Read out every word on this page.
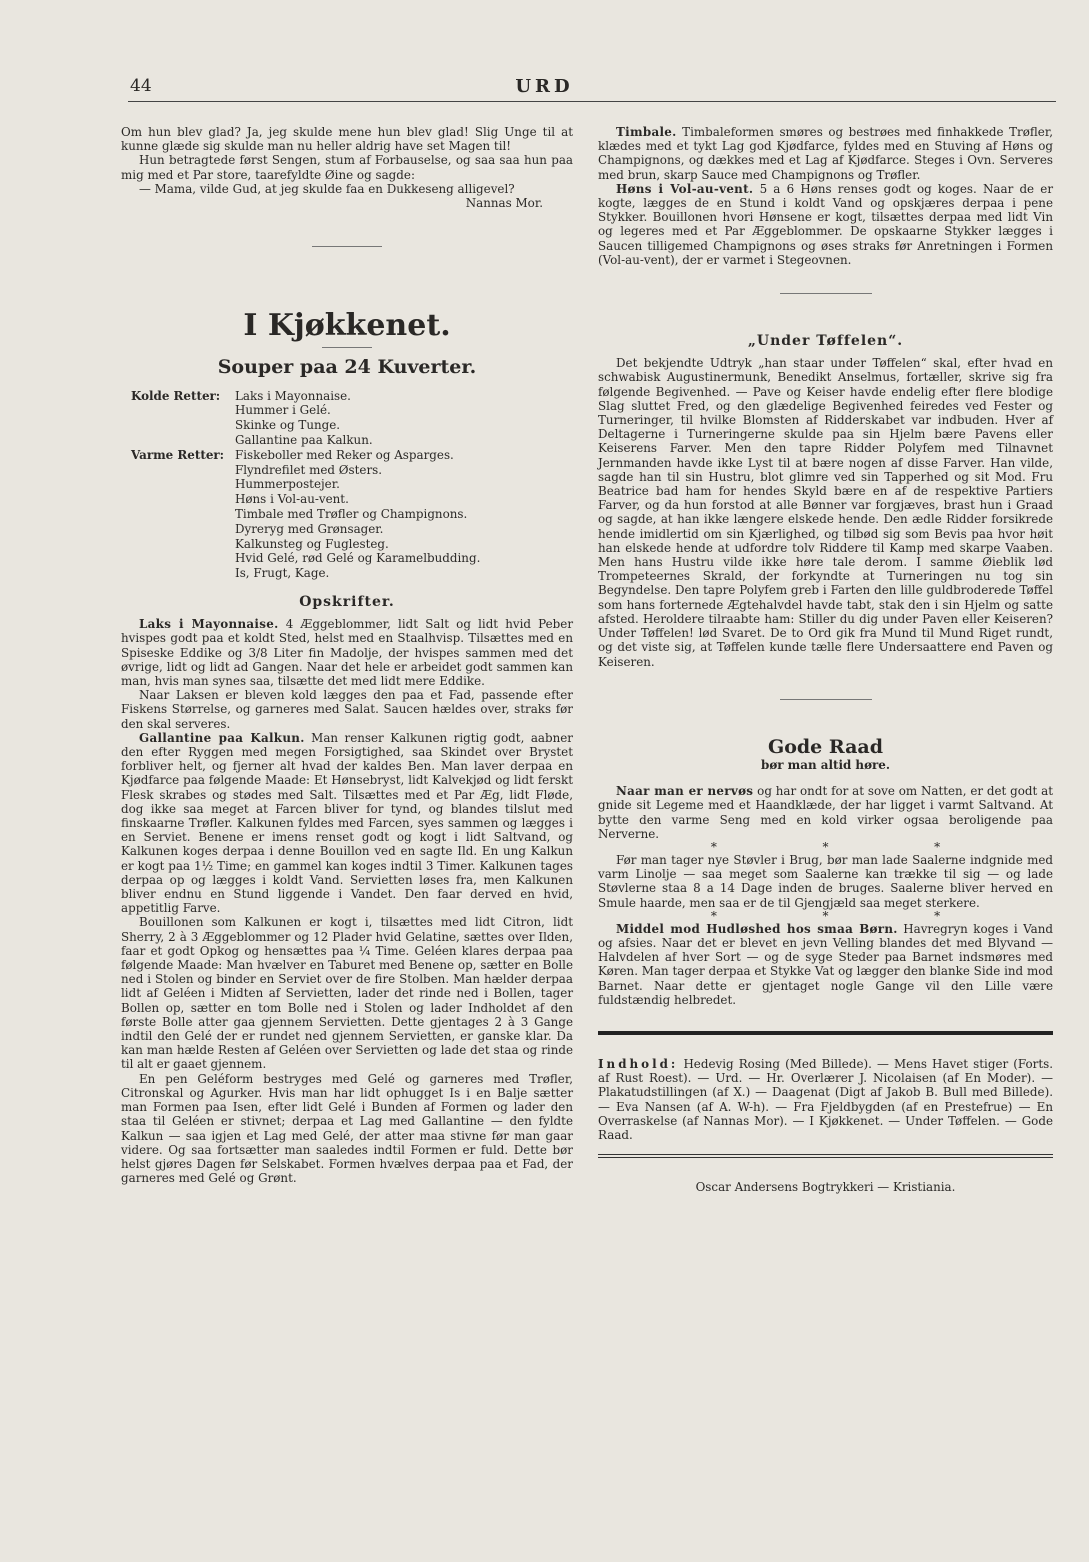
44	URD

Om hun blev glad? Ja, jeg skulde mene hun blev glad! Slig Unge til at kunne glæde sig skulde man nu heller aldrig have set Magen til!

Hun betragtede først Sengen, stum af Forbauselse, og saa saa hun paa mig med et Par store, taarefyldte Øine og sagde:

— Mama, vilde Gud, at jeg skulde faa en Dukkeseng alligevel?

Nannas Mor.

I Kjøkkenet.
Souper paa 24 Kuverter.
Kolde Retter:	Laks i Mayonnaise.
Hummer i Gelé.
Skinke og Tunge.
Gallantine paa Kalkun.
Varme Retter: Fiskeboller med Reker og Asparges.
Flyndrefilet med Østers.
Hummerpostejer.
Høns i Vol-au-vent.
Timbale med Trøfler og Champignons.
Dyreryg med Grønsager.
Kalkunsteg og Fuglesteg.
Hvid Gelé, rød Gelé og Karamelbudding.
Is, Frugt, Kage.
Opskrifter.

Laks i Mayonnaise. 4 Æggeblommer, lidt Salt og lidt hvid Peber hvispes godt paa et koldt Sted, helst med en Staalhvisp. Tilsættes med en Spiseske Eddike og 3/8 Liter fin Madolje, der hvispes sammen med det øvrige, lidt og lidt ad Gangen. Naar det hele er arbeidet godt sammen kan man, hvis man synes saa, tilsætte det med lidt mere Eddike.

Naar Laksen er bleven kold lægges den paa et Fad, passende efter Fiskens Størrelse, og garneres med Salat. Saucen hældes over, straks før den skal serveres.

Gallantine paa Kalkun. Man renser Kalkunen rigtig godt, aabner den efter Ryggen med megen Forsigtighed, saa Skindet over Brystet forbliver helt, og fjerner alt hvad der kaldes Ben. Man laver derpaa en Kjødfarce paa følgende Maade: Et Hønsebryst, lidt Kalvekjød og lidt ferskt Flesk skrabes og stødes med Salt. Tilsættes med et Par Æg, lidt Fløde, dog ikke saa meget at Farcen bliver for tynd, og blandes tilslut med finskaarne Trøfler. Kalkunen fyldes med Farcen, syes sammen og lægges i en Serviet. Benene er imens renset godt og kogt i lidt Saltvand, og Kalkunen koges derpaa i denne Bouillon ved en sagte Ild. En ung Kalkun er kogt paa 1½ Time; en gammel kan koges indtil 3 Timer. Kalkunen tages derpaa op og lægges i koldt Vand. Servietten løses fra, men Kalkunen bliver endnu en Stund liggende i Vandet. Den faar derved en hvid, appetitlig Farve.

Bouillonen som Kalkunen er kogt i, tilsættes med lidt Citron, lidt Sherry, 2 à 3 Æggeblommer og 12 Plader hvid Gelatine, sættes over Ilden, faar et godt Opkog og hensættes paa ¼ Time. Geléen klares derpaa paa følgende Maade: Man hvælver en Taburet med Benene op, sætter en Bolle ned i Stolen og binder en Serviet over de fire Stolben. Man hælder derpaa lidt af Geléen i Midten af Servietten, lader det rinde ned i Bollen, tager Bollen op, sætter en tom Bolle ned i Stolen og lader Indholdet af den første Bolle atter gaa gjennem Servietten. Dette gjentages 2 à 3 Gange indtil den Gelé der er rundet ned gjennem Servietten, er ganske klar. Da kan man hælde Resten af Geléen over Servietten og lade det staa og rinde til alt er gaaet gjennem.

En pen Geléform bestryges med Gelé og garneres med Trøfler, Citronskal og Agurker. Hvis man har lidt ophugget Is i en Balje sætter man Formen paa Isen, efter lidt Gelé i Bunden af Formen og lader den staa til Geléen er stivnet; derpaa et Lag med Gallantine — den fyldte Kalkun — saa igjen et Lag med Gelé, der atter maa stivne før man gaar videre. Og saa fortsætter man saaledes indtil Formen er fuld. Dette bør helst gjøres Dagen før Selskabet. Formen hvælves derpaa paa et Fad, der garneres med Gelé og Grønt.

Timbale. Timbaleformen smøres og bestrøes med finhakkede Trøfler, klædes med et tykt Lag god Kjødfarce, fyldes med en Stuving af Høns og Champignons, og dækkes med et Lag af Kjødfarce. Steges i Ovn. Serveres med brun, skarp Sauce med Champignons og Trøfler.

Høns i Vol-au-vent. 5 a 6 Høns renses godt og koges. Naar de er kogte, lægges de en Stund i koldt Vand og opskjæres derpaa i pene Stykker. Bouillonen hvori Hønsene er kogt, tilsættes derpaa med lidt Vin og legeres med et Par Æggeblommer. De opskaarne Stykker lægges i Saucen tilligemed Champignons og øses straks før Anretningen i Formen (Vol-au-vent), der er varmet i Stegeovnen.

„Under Tøffelen“.

Det bekjendte Udtryk „han staar under Tøffelen“ skal, efter hvad en schwabisk Augustinermunk, Benedikt Anselmus, fortæller, skrive sig fra følgende Begivenhed. — Pave og Keiser havde endelig efter flere blodige Slag sluttet Fred, og den glædelige Begivenhed feiredes ved Fester og Turneringer, til hvilke Blomsten af Ridderskabet var indbuden. Hver af Deltagerne i Turneringerne skulde paa sin Hjelm bære Pavens eller Keiserens Farver. Men den tapre Ridder Polyfem med Tilnavnet Jernmanden havde ikke Lyst til at bære nogen af disse Farver. Han vilde, sagde han til sin Hustru, blot glimre ved sin Tapperhed og sit Mod. Fru Beatrice bad ham for hendes Skyld bære en af de respektive Partiers Farver, og da hun forstod at alle Bønner var forgjæves, brast hun i Graad og sagde, at han ikke længere elskede hende. Den ædle Ridder forsikrede hende imidlertid om sin Kjærlighed, og tilbød sig som Bevis paa hvor høit han elskede hende at udfordre tolv Riddere til Kamp med skarpe Vaaben. Men hans Hustru vilde ikke høre tale derom. I samme Øieblik lød Trompeteernes Skrald, der forkyndte at Turneringen nu tog sin Begyndelse. Den tapre Polyfem greb i Farten den lille guldbroderede Tøffel som hans forternede Ægtehalvdel havde tabt, stak den i sin Hjelm og satte afsted. Heroldere tilraabte ham: Stiller du dig under Paven eller Keiseren? Under Tøffelen! lød Svaret. De to Ord gik fra Mund til Mund Riget rundt, og det viste sig, at Tøffelen kunde tælle flere Undersaattere end Paven og Keiseren.

Gode Raad
bør man altid høre.

Naar man er nervøs og har ondt for at sove om Natten, er det godt at gnide sit Legeme med et Haandklæde, der har ligget i varmt Saltvand. At bytte den varme Seng med en kold virker ogsaa beroligende paa Nerverne.

*	*	*

Før man tager nye Støvler i Brug, bør man lade Saalerne indgnide med varm Linolje — saa meget som Saalerne kan trække til sig — og lade Støvlerne staa 8 a 14 Dage inden de bruges. Saalerne bliver herved en Smule haarde, men saa er de til Gjengjæld saa meget sterkere.

*	*	*

Middel mod Hudløshed hos smaa Børn. Havregryn koges i Vand og afsies. Naar det er blevet en jevn Velling blandes det med Blyvand — Halvdelen af hver Sort — og de syge Steder paa Barnet indsmøres med Køren. Man tager derpaa et Stykke Vat og lægger den blanke Side ind mod Barnet. Naar dette er gjentaget nogle Gange vil den Lille være fuldstændig helbredet.

Indhold: Hedevig Rosing (Med Billede). — Mens Havet stiger (Forts. af Rust Roest). — Urd. — Hr. Overlærer J. Nicolaisen (af En Moder). — Plakatudstillingen (af X.) — Daagenat (Digt af Jakob B. Bull med Billede). — Eva Nansen (af A. W-h). — Fra Fjeldbygden (af en Prestefrue) — En Overraskelse (af Nannas Mor). — I Kjøkkenet. — Under Tøffelen. — Gode Raad.

Oscar Andersens Bogtrykkeri — Kristiania.
